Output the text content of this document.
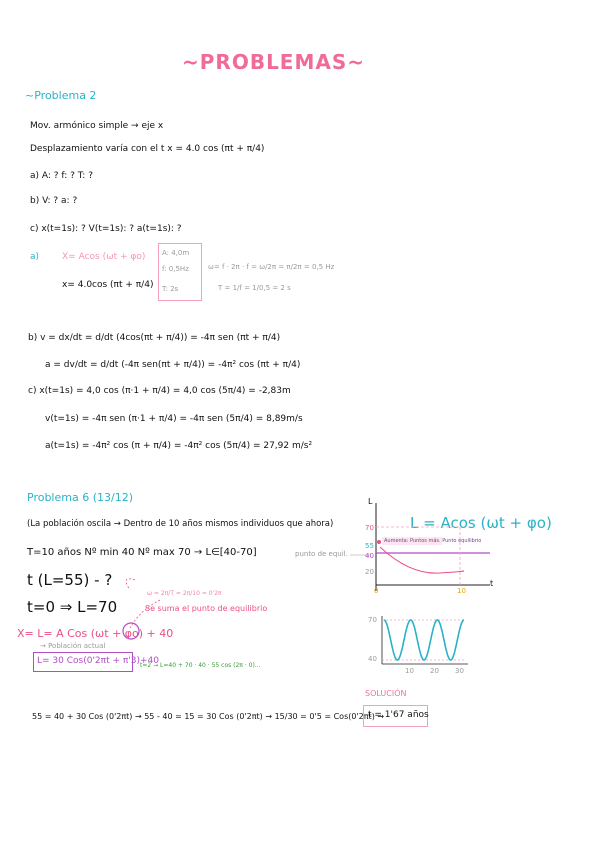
~PROBLEMAS~
~Problema 2
Mov. armónico simple → eje x
Desplazamiento varía con el t x = 4.0 cos (πt + π/4)
a) A: ? f: ? T: ?
b) V: ? a: ?
c) x(t=1s): ? V(t=1s): ? a(t=1s): ?
a)	X= Acos (ωt + φo)
x= 4.0cos (πt + π/4)
A: 4,0m
f: 0,5Hz
T: 2s
ω= f · 2π · f = ω/2π = π/2π = 0,5 Hz
T = 1/f = 1/0,5 = 2 s
b) v = dx/dt = d/dt (4cos(πt + π/4)) = -4π sen (πt + π/4)
a = dv/dt = d/dt (-4π sen(πt + π/4)) = -4π² cos (πt + π/4)
c) x(t=1s) = 4,0 cos (π·1 + π/4) = 4,0 cos (5π/4) = -2,83m
v(t=1s) = -4π sen (π·1 + π/4) = -4π sen (5π/4) = 8,89m/s
a(t=1s) = -4π² cos (π + π/4) = -4π² cos (5π/4) = 27,92 m/s²
Problema 6 (13/12)
(La población oscila → Dentro de 10 años mismos individuos que ahora)
T=10 años Nº min 40 Nº max 70 → L∈[40-70]
t (L=55) - ?
t=0 ⇒ L=70	Se suma el punto de equilibrio
ω = 2π/T = 2π/10 = 0'2π
X= L= A Cos (ωt + φo) + 40
→ Población actual
L= 30 Cos(0'2πt + π'3)+40
t=2 → L=40 + 70 · 40 · 55 cos (2π · 0)...
SOLUCIÓN
55 = 40 + 30 Cos (0'2πt) → 55 - 40 = 15 = 30 Cos (0'2πt) → 15/30 = 0'5 = Cos(0'2πt) →
t = 1'67 años
L = Acos (ωt + φo)
L
t
70
55
40
20
0	10
punto de equil.
Aumenta: Puntos más. Punto equilibrio
70
40
10 20 30
